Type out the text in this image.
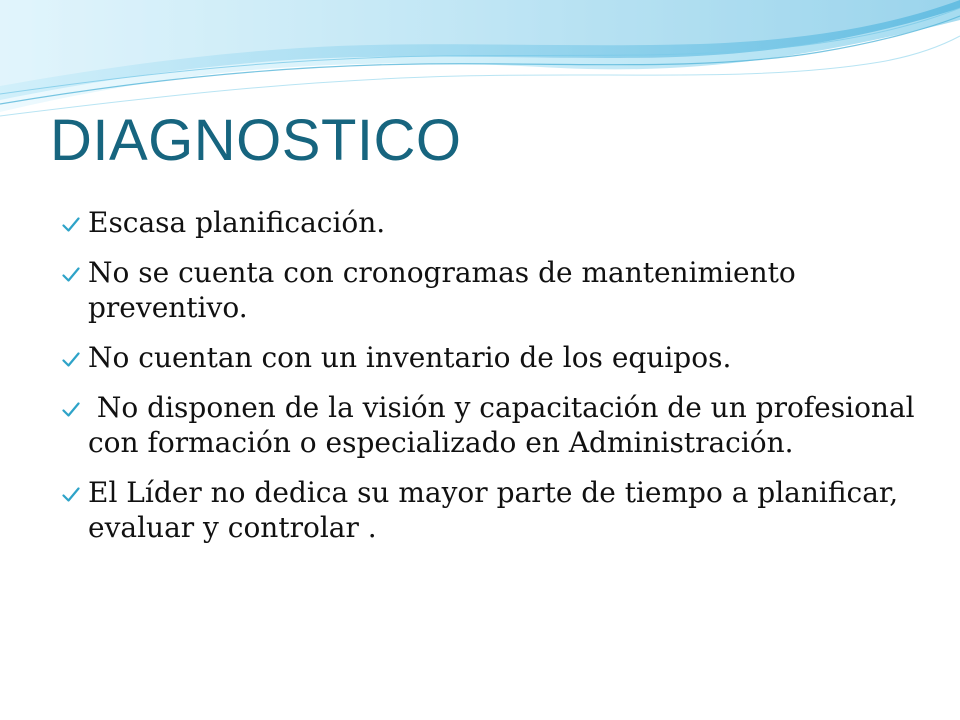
DIAGNOSTICO
Escasa planificación.
No se cuenta con cronogramas de mantenimiento preventivo.
No cuentan con un inventario de los equipos.
No disponen de la visión y capacitación de un profesional con formación o especializado en Administración.
El Líder no dedica su mayor parte de tiempo a planificar, evaluar y controlar .
